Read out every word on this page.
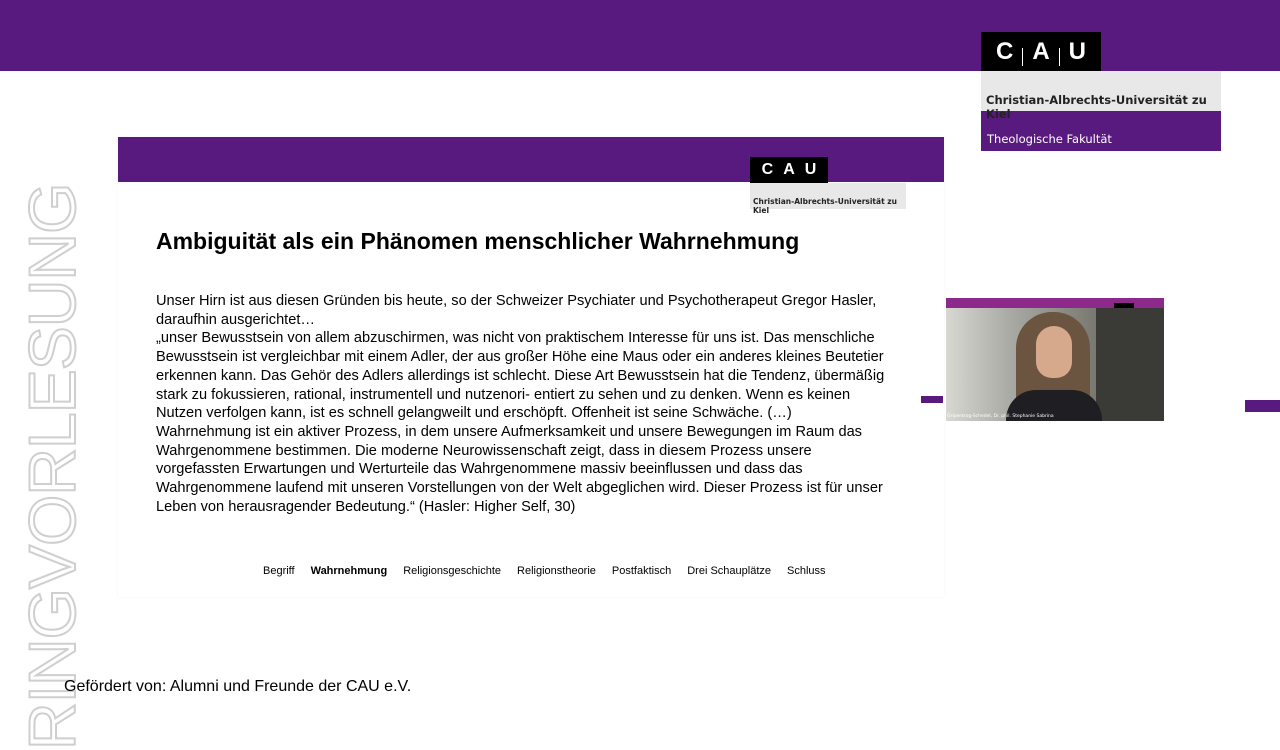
RINGVORLESUNG
C A U
Christian-Albrechts-Universität zu Kiel
Theologische Fakultät
C A U
Christian-Albrechts-Universität zu Kiel
Ambiguität als ein Phänomen menschlicher Wahrnehmung

Unser Hirn ist aus diesen Gründen bis heute, so der Schweizer Psychiater und Psychotherapeut Gregor Hasler, daraufhin ausgerichtet…

„unser Bewusstsein von allem abzuschirmen, was nicht von praktischem Interesse für uns ist. Das menschliche Bewusstsein ist vergleichbar mit einem Adler, der aus großer Höhe eine Maus oder ein anderes kleines Beutetier erkennen kann. Das Gehör des Adlers allerdings ist schlecht. Diese Art Bewusstsein hat die Tendenz, übermäßig stark zu fokussieren, rational, instrumentell und nutzenori- entiert zu sehen und zu denken. Wenn es keinen Nutzen verfolgen kann, ist es schnell gelangweilt und erschöpft. Offenheit ist seine Schwäche. (…)

Wahrnehmung ist ein aktiver Prozess, in dem unsere Aufmerksamkeit und unsere Bewegungen im Raum das Wahrgenommene bestimmen. Die moderne Neurowissenschaft zeigt, dass in diesem Prozess unsere vorgefassten Erwartungen und Werturteile das Wahrgenommene massiv beeinflussen und dass das Wahrgenommene laufend mit unseren Vorstellungen von der Welt abgeglichen wird. Dieser Prozess ist für unser Leben von herausragender Bedeutung.“ (Hasler: Higher Self, 30)

Begriff Wahrnehmung Religionsgeschichte Religionstheorie Postfaktisch Drei Schauplätze Schluss
Gripentrog-Schedel, Dr. phil. Stephanie Sabrina
Gefördert von: Alumni und Freunde der CAU e.V.
